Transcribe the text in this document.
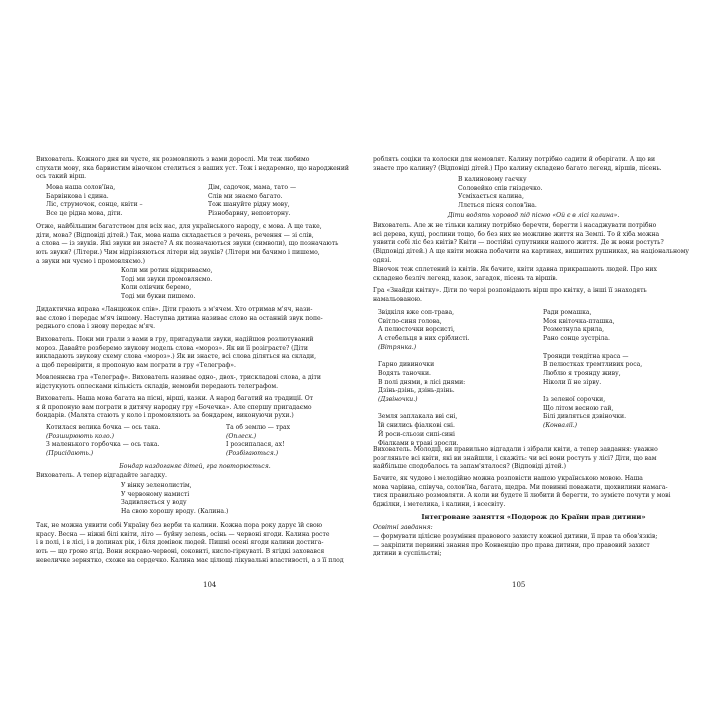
Вихователь. Кожного дня ви чуєте, як розмовляють з вами дорослі. Ми теж любимо
слухати мову, яка барвистим віночком стелиться з вашиx уст. Тож і недаремно, що народжений
ось такий вірш.
Мова наша солов'їна,
Барвінкова і єдина.
Ліс, струмочок, сонце, квіти –
Все це рідна мова, діти.
Дім, садочок, мама, тато —
Слів ми знаємо багато.
Тож шануйте рідну мову,
Різнобарвну, неповторну.
Отже, найбільшим багатством для всіх нас, для українського народу, є мова. А ще таке,
діти, мова? (Відповіді дітей.) Так, мова наша складається з речень, речення — зі слів,
а слова — із звуків. Які звуки ви знаєте? А як позначаються звуки (символи), що позначають
ють звуки? (Літери.) Чим відрізняються літери від звуків? (Літери ми бачимо і пишемо,
а звуки ми чуємо і промовляємо.)
Коли ми ротик відкриваємо,
Тоді ми звуки промовляємо.
Коли олівчик беремо,
Тоді ми букви пишемо.
Дидактична вправа «Ланцюжок слів». Діти грають з м'ячем. Хто отримав м'яч, нази-
ває слово і передає м'яч іншому. Наступна дитина називає слово на останній звук попе-
реднього слова і знову передає м'яч.
Вихователь. Поки ми грали з вами в гру, пригадували звуки, надійшов розлютуваний
мороз. Давайте розберемо звукову модель слова «мороз». Як ви її розіграєте? (Діти
викладають звукову схему слова «мороз».) Як ви знаєте, всі слова діляться на склади,
а щоб перевірити, я пропоную вам пограти в гру «Телеграф».
Мовленнєва гра «Телеграф». Вихователь називає одно-, двох-, трискладові слова, а діти
відстукують оплесками кількість складів, немовби передають телеграфом.
Вихователь. Наша мова багата на пісні, вірші, казки. А народ багатий на традиції. От
я й пропоную вам пограти в дитячу народну гру «Бочечка». Але спершу пригадаємо
бондарів. (Малята стають у коло і промовляють за бондарем, виконуючи рухи.)
Котилася велика бочка — ось така.
(Розширюють коло.)
З маленького горбочка — ось така.
(Присідають.)
Та об землю — трах
(Оплеск.)
І розсипалася, ах!
(Розбігаються.)
Бондар наздоганяє дітей, гра повторюється.
Вихователь. А тепер відгадайте загадку.
У вінку зеленолистім,
У червоному намисті
Задивляється у воду
На свою хорошу вроду. (Калина.)
Так, не можна уявити собі Україну без верби та калини. Кожна пора року дарує їй свою
красу. Весна — ніжні білі квіти, літо — буйну зелень, осінь — червоні ягоди. Калина росте
і в полі, і в лісі, і в долинах рік, і біля домівок людей. Пишні осені ягоди калини достига-
ють — що гроно ягід. Вони яскраво-червоні, соковиті, кисло-гіркуваті. В ягідкі заховався
невеличке зернятко, схоже на сердечко. Калина має цілющі лікувальні властивості, а з її плод
104
роблять соціки та колоски для немовлят. Калину потрібно садити й оберігати. А що ви
знаєте про калину? (Відповіді дітей.) Про калину складено багато легенд, віршів, пісень.
В калиновому гаєчку
Соловейко спів гніздечко.
Усміхається калина,
Ллється пісня солов'їна.
Діти водять хоровод під пісню «Ой є в лісі калина».
Вихователь. Але ж не тільки калину потрібно беречти, берегти і насаджувати потрібно
всі дерева, кущі, рослини тощо, бо без них не можливе життя на Землі. То й хіба можна
уявити собі ліс без квітів? Квіти — постійні супутники нашого життя. Де ж вони ростуть?
(Відповіді дітей.) А ще квіти можна побачити на картинах, вишитих рушниках, на національному
одязі.
Віночок теж сплетений із квітів. Як бачите, квіти здавна прикрашають людей. Про них
складено безліч легенд, казок, загадок, пісень та віршів.
Гра «Знайди квітку». Діти по черзі розповідають вірш про квітку, а інші її знаходять
намальованою.
Звідкіля вже соп-трава,
Світло-синя голова,
А пелюсточки ворсисті,
А стебельця в них сріблисті.
(Вітрянка.)
Гарно дивиночки
Водять таночки.
В полі днями, в лісі днями:
Дзінь-дзінь, дзінь-дзінь.
(Дзвіночки.)
Земля заплакала вві сні,
Їй снились фіалкові сні.
Й роси-сльози сипі-сині
Фіалками в траві зросли.
Ради ромашка,
Моя квіточка-пташка,
Розметнула крила,
Рано сонце зустріла.
Троянди тендітна краса —
В пелюстках тремтливих роса,
Люблю я троянду живу,
Ніколи її не зірву.
Із зеленої сорочки,
Що літом весною гай,
Білі дивляться дзвіночки.
(Конвалії.)
Вихователь. Молодці, ви правильно відгадали і зібрали квіти, а тепер завдання: уважно
розгляньте всі квіти, які ви знайшли, і скажіть: чи всі вони ростуть у лісі? Діти, що вам
найбільше сподобалось та запам'яталося? (Відповіді дітей.)
Бачите, як чудово і мелодійно можна розповісти нашою українською мовою. Наша
мова чарівна, співуча, солов'їна, багата, щедра. Ми повинні поважати, щохвилини намага-
тися правильно розмовляти. А коли ви будете її любити й берегти, то зумієте почути у мові
бджілки, і метелика, і калини, і всесвіту.
Інтегроване заняття «Подорож до Країни прав дитини»
Освітні завдання:
— формувати цілісне розуміння правового захисту кожної дитини, її прав та обов'язків;
— закріпити первинні знання про Конвенцію про права дитини, про правовий захист
дитини в суспільстві;
105
